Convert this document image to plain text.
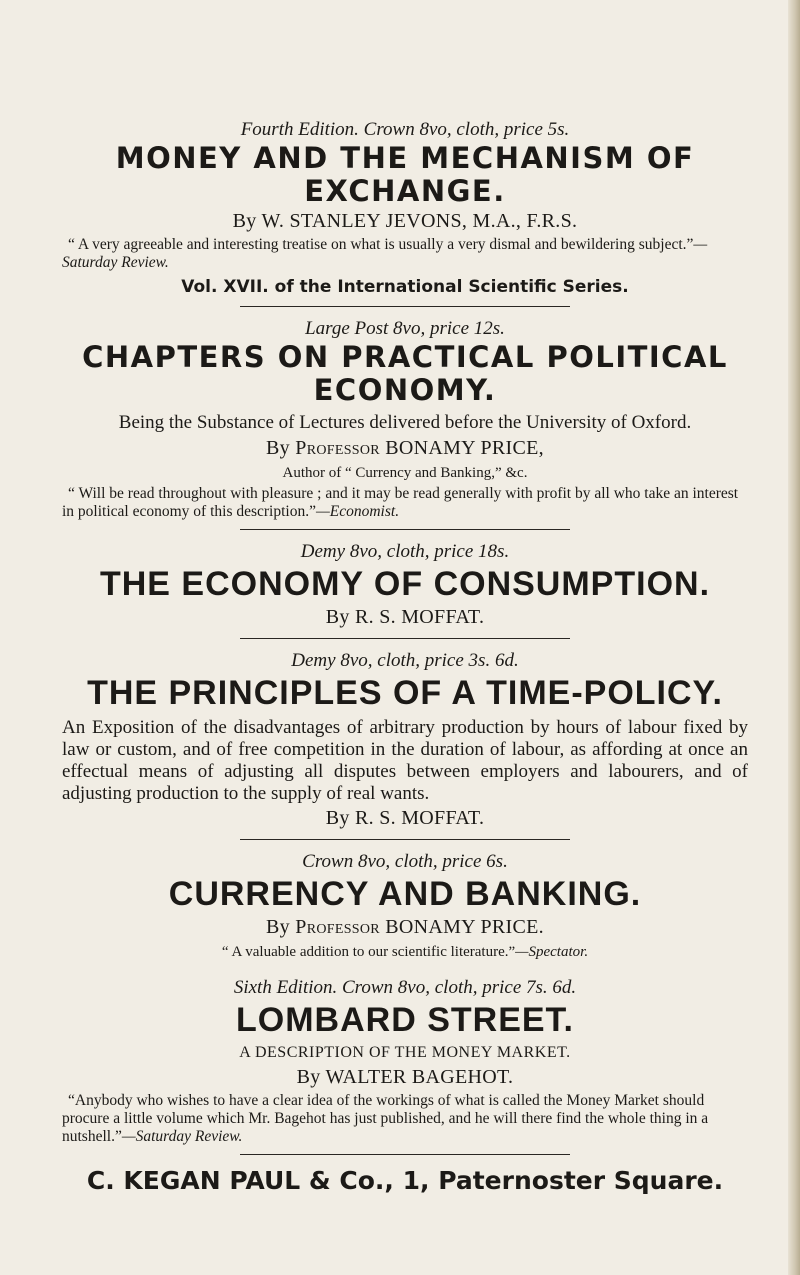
Fourth Edition. Crown 8vo, cloth, price 5s.

MONEY AND THE MECHANISM OF

EXCHANGE.

By W. STANLEY JEVONS, M.A., F.R.S.

“ A very agreeable and interesting treatise on what is usually a very dismal and bewildering subject.”—Saturday Review.

Vol. XVII. of the International Scientific Series.

Large Post 8vo, price 12s.

CHAPTERS ON PRACTICAL POLITICAL

ECONOMY.

Being the Substance of Lectures delivered before the University of Oxford.

By Professor BONAMY PRICE,

Author of “ Currency and Banking,” &c.

“ Will be read throughout with pleasure ; and it may be read generally with profit by all who take an interest in political economy of this description.”—Economist.

Demy 8vo, cloth, price 18s.

THE ECONOMY OF CONSUMPTION.

By R. S. MOFFAT.

Demy 8vo, cloth, price 3s. 6d.

THE PRINCIPLES OF A TIME-POLICY.

An Exposition of the disadvantages of arbitrary production by hours of labour fixed by law or custom, and of free competition in the duration of labour, as affording at once an effectual means of adjusting all disputes between employers and labourers, and of adjusting production to the supply of real wants.

By R. S. MOFFAT.

Crown 8vo, cloth, price 6s.

CURRENCY AND BANKING.

By Professor BONAMY PRICE.

“ A valuable addition to our scientific literature.”—Spectator.

Sixth Edition. Crown 8vo, cloth, price 7s. 6d.

LOMBARD STREET.

A DESCRIPTION OF THE MONEY MARKET.

By WALTER BAGEHOT.

“Anybody who wishes to have a clear idea of the workings of what is called the Money Market should procure a little volume which Mr. Bagehot has just published, and he will there find the whole thing in a nutshell.”—Saturday Review.

C. KEGAN PAUL & Co., 1, Paternoster Square.
